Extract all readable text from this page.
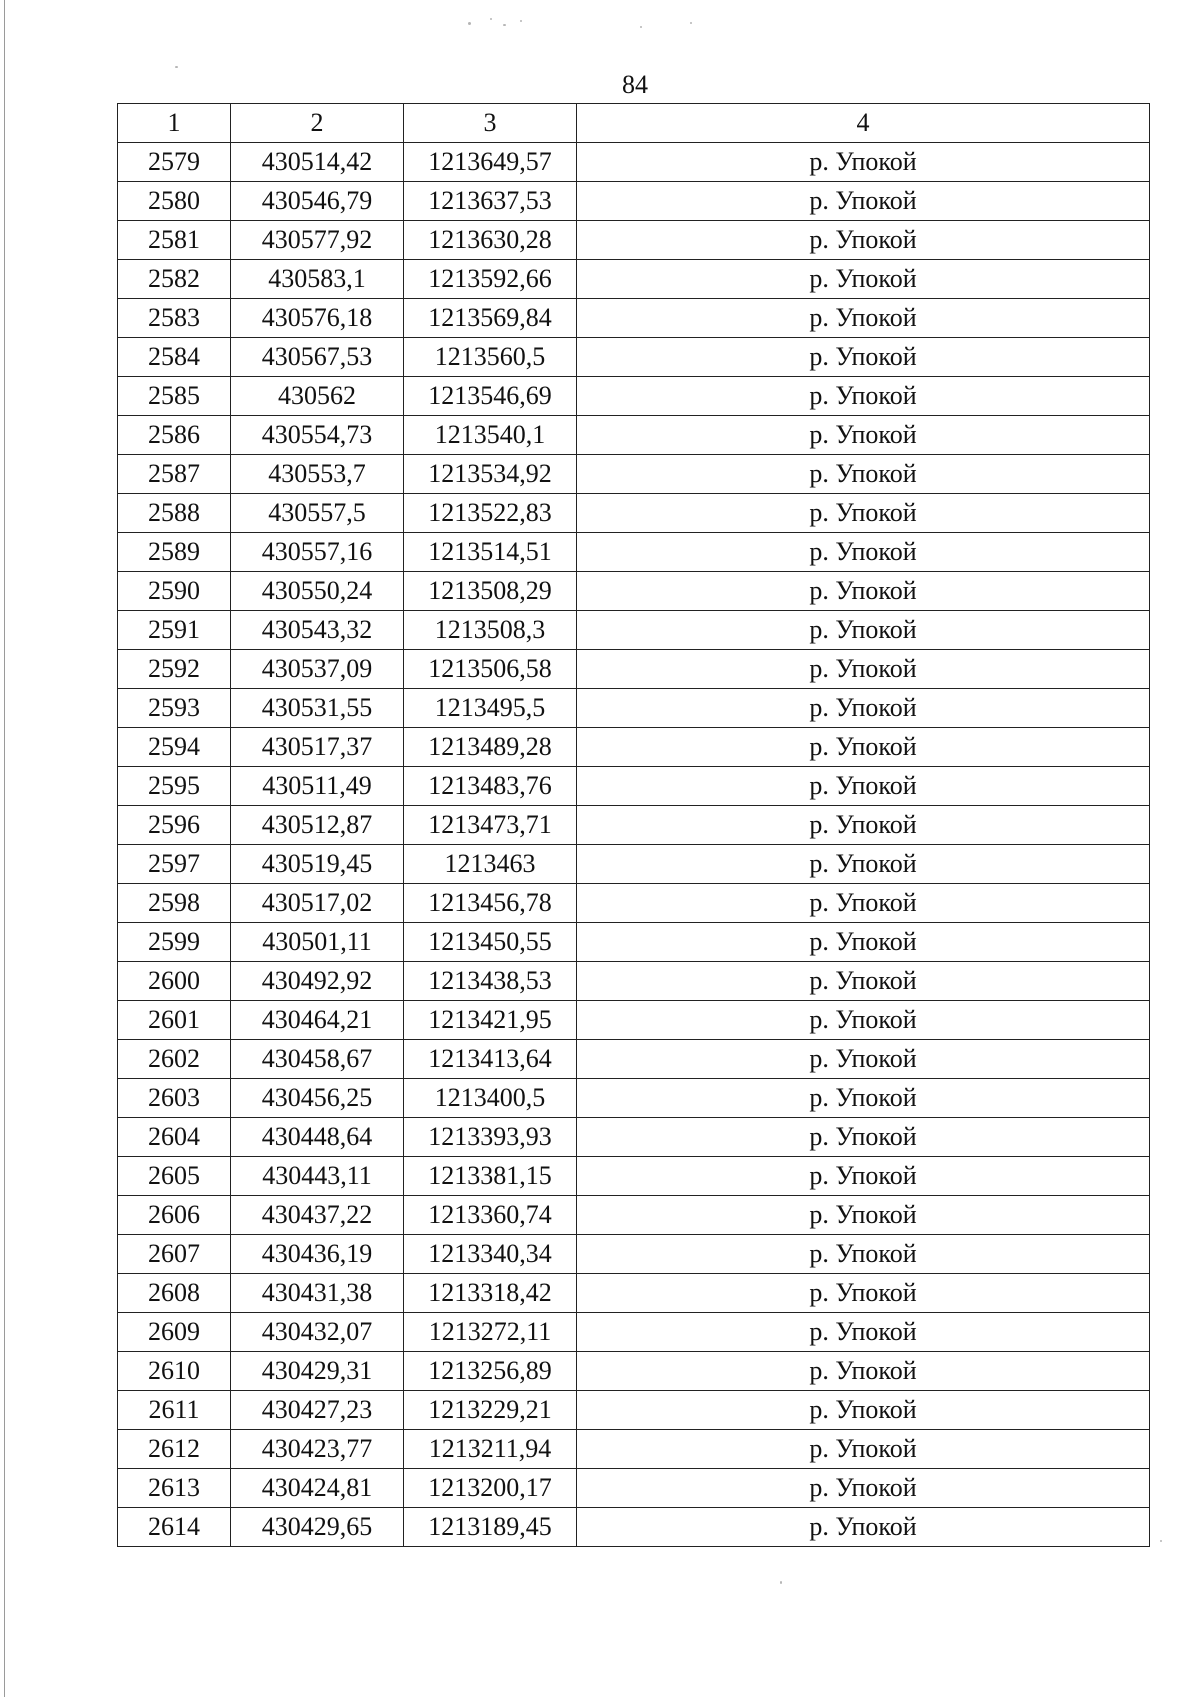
84
1	2	3	4
2579	430514,42	1213649,57	р. Упокой
2580	430546,79	1213637,53	р. Упокой
2581	430577,92	1213630,28	р. Упокой
2582	430583,1	1213592,66	р. Упокой
2583	430576,18	1213569,84	р. Упокой
2584	430567,53	1213560,5	р. Упокой
2585	430562	1213546,69	р. Упокой
2586	430554,73	1213540,1	р. Упокой
2587	430553,7	1213534,92	р. Упокой
2588	430557,5	1213522,83	р. Упокой
2589	430557,16	1213514,51	р. Упокой
2590	430550,24	1213508,29	р. Упокой
2591	430543,32	1213508,3	р. Упокой
2592	430537,09	1213506,58	р. Упокой
2593	430531,55	1213495,5	р. Упокой
2594	430517,37	1213489,28	р. Упокой
2595	430511,49	1213483,76	р. Упокой
2596	430512,87	1213473,71	р. Упокой
2597	430519,45	1213463	р. Упокой
2598	430517,02	1213456,78	р. Упокой
2599	430501,11	1213450,55	р. Упокой
2600	430492,92	1213438,53	р. Упокой
2601	430464,21	1213421,95	р. Упокой
2602	430458,67	1213413,64	р. Упокой
2603	430456,25	1213400,5	р. Упокой
2604	430448,64	1213393,93	р. Упокой
2605	430443,11	1213381,15	р. Упокой
2606	430437,22	1213360,74	р. Упокой
2607	430436,19	1213340,34	р. Упокой
2608	430431,38	1213318,42	р. Упокой
2609	430432,07	1213272,11	р. Упокой
2610	430429,31	1213256,89	р. Упокой
2611	430427,23	1213229,21	р. Упокой
2612	430423,77	1213211,94	р. Упокой
2613	430424,81	1213200,17	р. Упокой
2614	430429,65	1213189,45	р. Упокой
